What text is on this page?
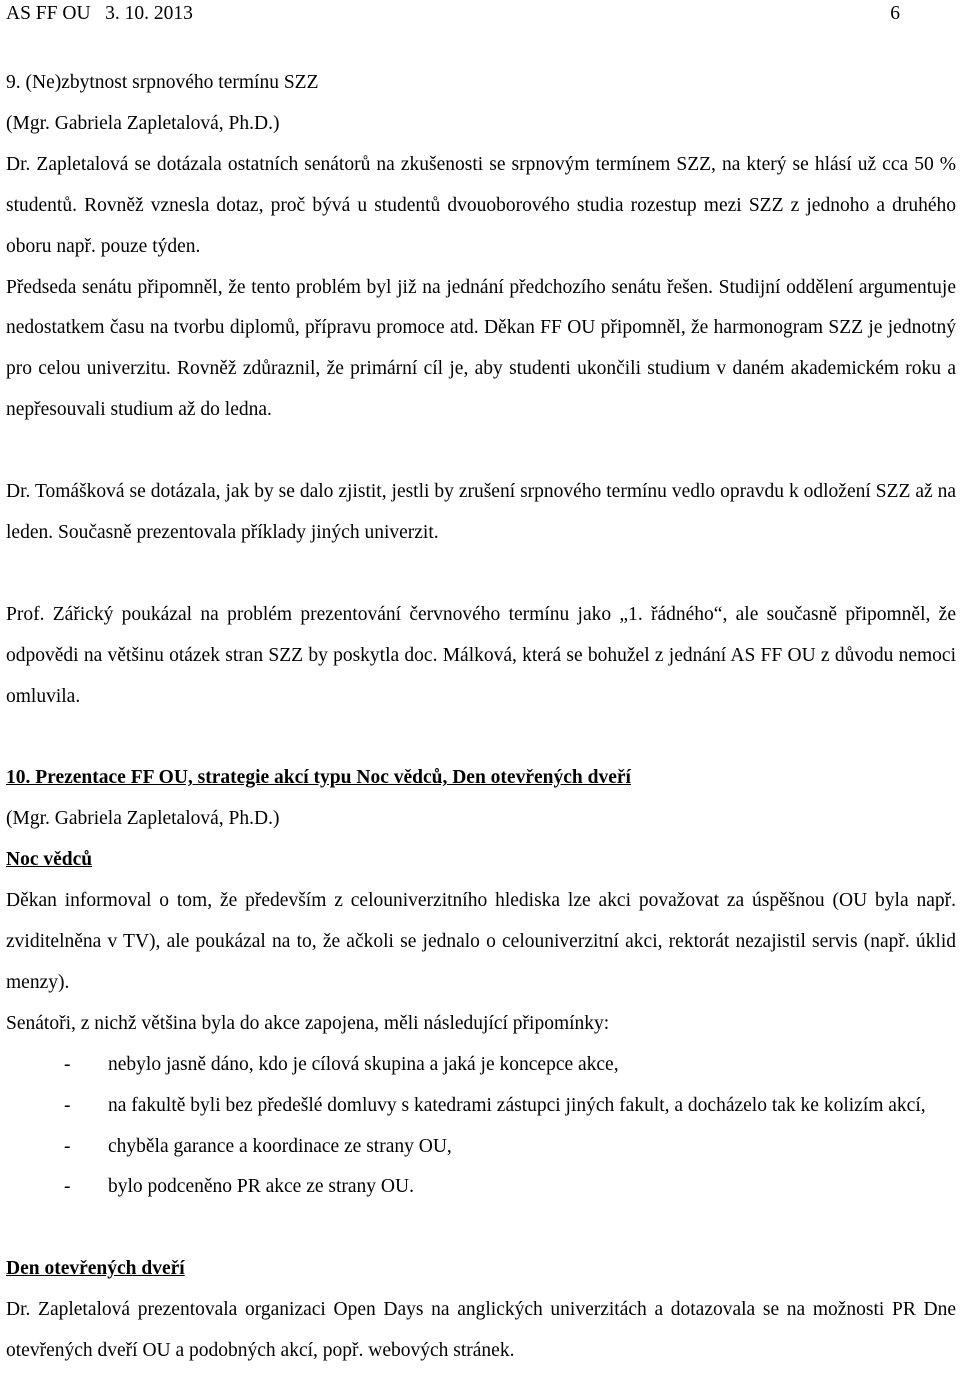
AS FF OU   3. 10. 2013	6

9. (Ne)zbytnost srpnového termínu SZZ

(Mgr. Gabriela Zapletalová, Ph.D.)

Dr. Zapletalová se dotázala ostatních senátorů na zkušenosti se srpnovým termínem SZZ, na který se hlásí už cca 50 % studentů. Rovněž vznesla dotaz, proč bývá u studentů dvouoborového studia rozestup mezi SZZ z jednoho a druhého oboru např. pouze týden.

Předseda senátu připomněl, že tento problém byl již na jednání předchozího senátu řešen. Studijní oddělení argumentuje nedostatkem času na tvorbu diplomů, přípravu promoce atd. Děkan FF OU připomněl, že harmonogram SZZ je jednotný pro celou univerzitu. Rovněž zdůraznil, že primární cíl je, aby studenti ukončili studium v daném akademickém roku a nepřesouvali studium až do ledna.

Dr. Tomášková se dotázala, jak by se dalo zjistit, jestli by zrušení srpnového termínu vedlo opravdu k odložení SZZ až na leden. Současně prezentovala příklady jiných univerzit.

Prof. Zářický poukázal na problém prezentování červnového termínu jako „1. řádného“, ale současně připomněl, že odpovědi na většinu otázek stran SZZ by poskytla doc. Málková, která se bohužel z jednání AS FF OU z důvodu nemoci omluvila.

10. Prezentace FF OU, strategie akcí typu Noc vědců, Den otevřených dveří

(Mgr. Gabriela Zapletalová, Ph.D.)

Noc vědců

Děkan informoval o tom, že především z celouniverzitního hlediska lze akci považovat za úspěšnou (OU byla např. zviditelněna v TV), ale poukázal na to, že ačkoli se jednalo o celouniverzitní akci, rektorát nezajistil servis (např. úklid menzy).

Senátoři, z nichž většina byla do akce zapojena, měli následující připomínky:

- nebylo jasně dáno, kdo je cílová skupina a jaká je koncepce akce,
- na fakultě byli bez předešlé domluvy s katedrami zástupci jiných fakult, a docházelo tak ke kolizím akcí,
- chyběla garance a koordinace ze strany OU,
- bylo podceněno PR akce ze strany OU.

Den otevřených dveří

Dr. Zapletalová prezentovala organizaci Open Days na anglických univerzitách a dotazovala se na možnosti PR Dne otevřených dveří OU a podobných akcí, popř. webových stránek.
